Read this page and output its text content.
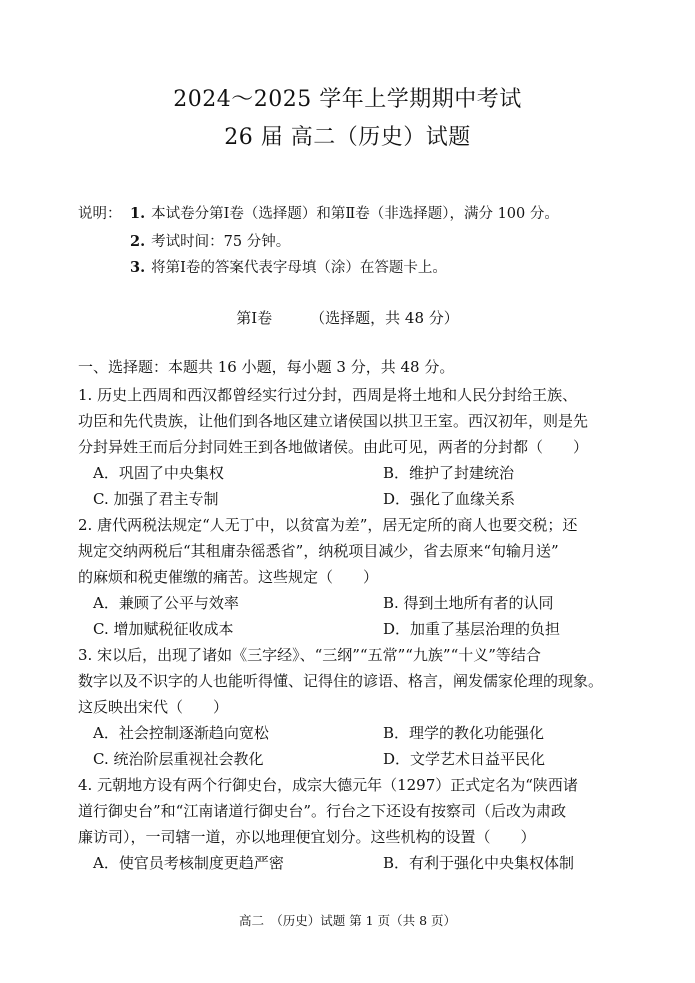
2024～2025 学年上学期期中考试
26 届 高二（历史）试题
说明： 1. 本试卷分第Ⅰ卷（选择题）和第Ⅱ卷（非选择题），满分 100 分。
2. 考试时间：75 分钟。
3. 将第Ⅰ卷的答案代表字母填（涂）在答题卡上。
第Ⅰ卷	（选择题，共 48 分）
一、选择题：本题共 16 小题，每小题 3 分，共 48 分。
1. 历史上西周和西汉都曾经实行过分封，西周是将土地和人民分封给王族、
功臣和先代贵族，让他们到各地区建立诸侯国以拱卫王室。西汉初年，则是先
分封异姓王而后分封同姓王到各地做诸侯。由此可见，两者的分封都（　　）
A．巩固了中央集权	B．维护了封建统治
C. 加强了君主专制	D．强化了血缘关系
2. 唐代两税法规定“人无丁中，以贫富为差”，居无定所的商人也要交税；还
规定交纳两税后“其租庸杂徭悉省”，纳税项目减少，省去原来“旬输月送”
的麻烦和税吏催缴的痛苦。这些规定（　　）
A．兼顾了公平与效率	B. 得到土地所有者的认同
C. 增加赋税征收成本	D．加重了基层治理的负担
3. 宋以后，出现了诸如《三字经》、“三纲”“五常”“九族”“十义”等结合
数字以及不识字的人也能听得懂、记得住的谚语、格言，阐发儒家伦理的现象。
这反映出宋代（　　）
A．社会控制逐渐趋向宽松	B．理学的教化功能强化
C. 统治阶层重视社会教化	D．文学艺术日益平民化
4. 元朝地方设有两个行御史台，成宗大德元年（1297）正式定名为“陕西诸
道行御史台”和“江南诸道行御史台”。行台之下还设有按察司（后改为肃政
廉访司），一司辖一道，亦以地理便宜划分。这些机构的设置（　　）
A．使官员考核制度更趋严密	B．有利于强化中央集权体制
高二　（历史）试题 第 1 页（共 8 页）
